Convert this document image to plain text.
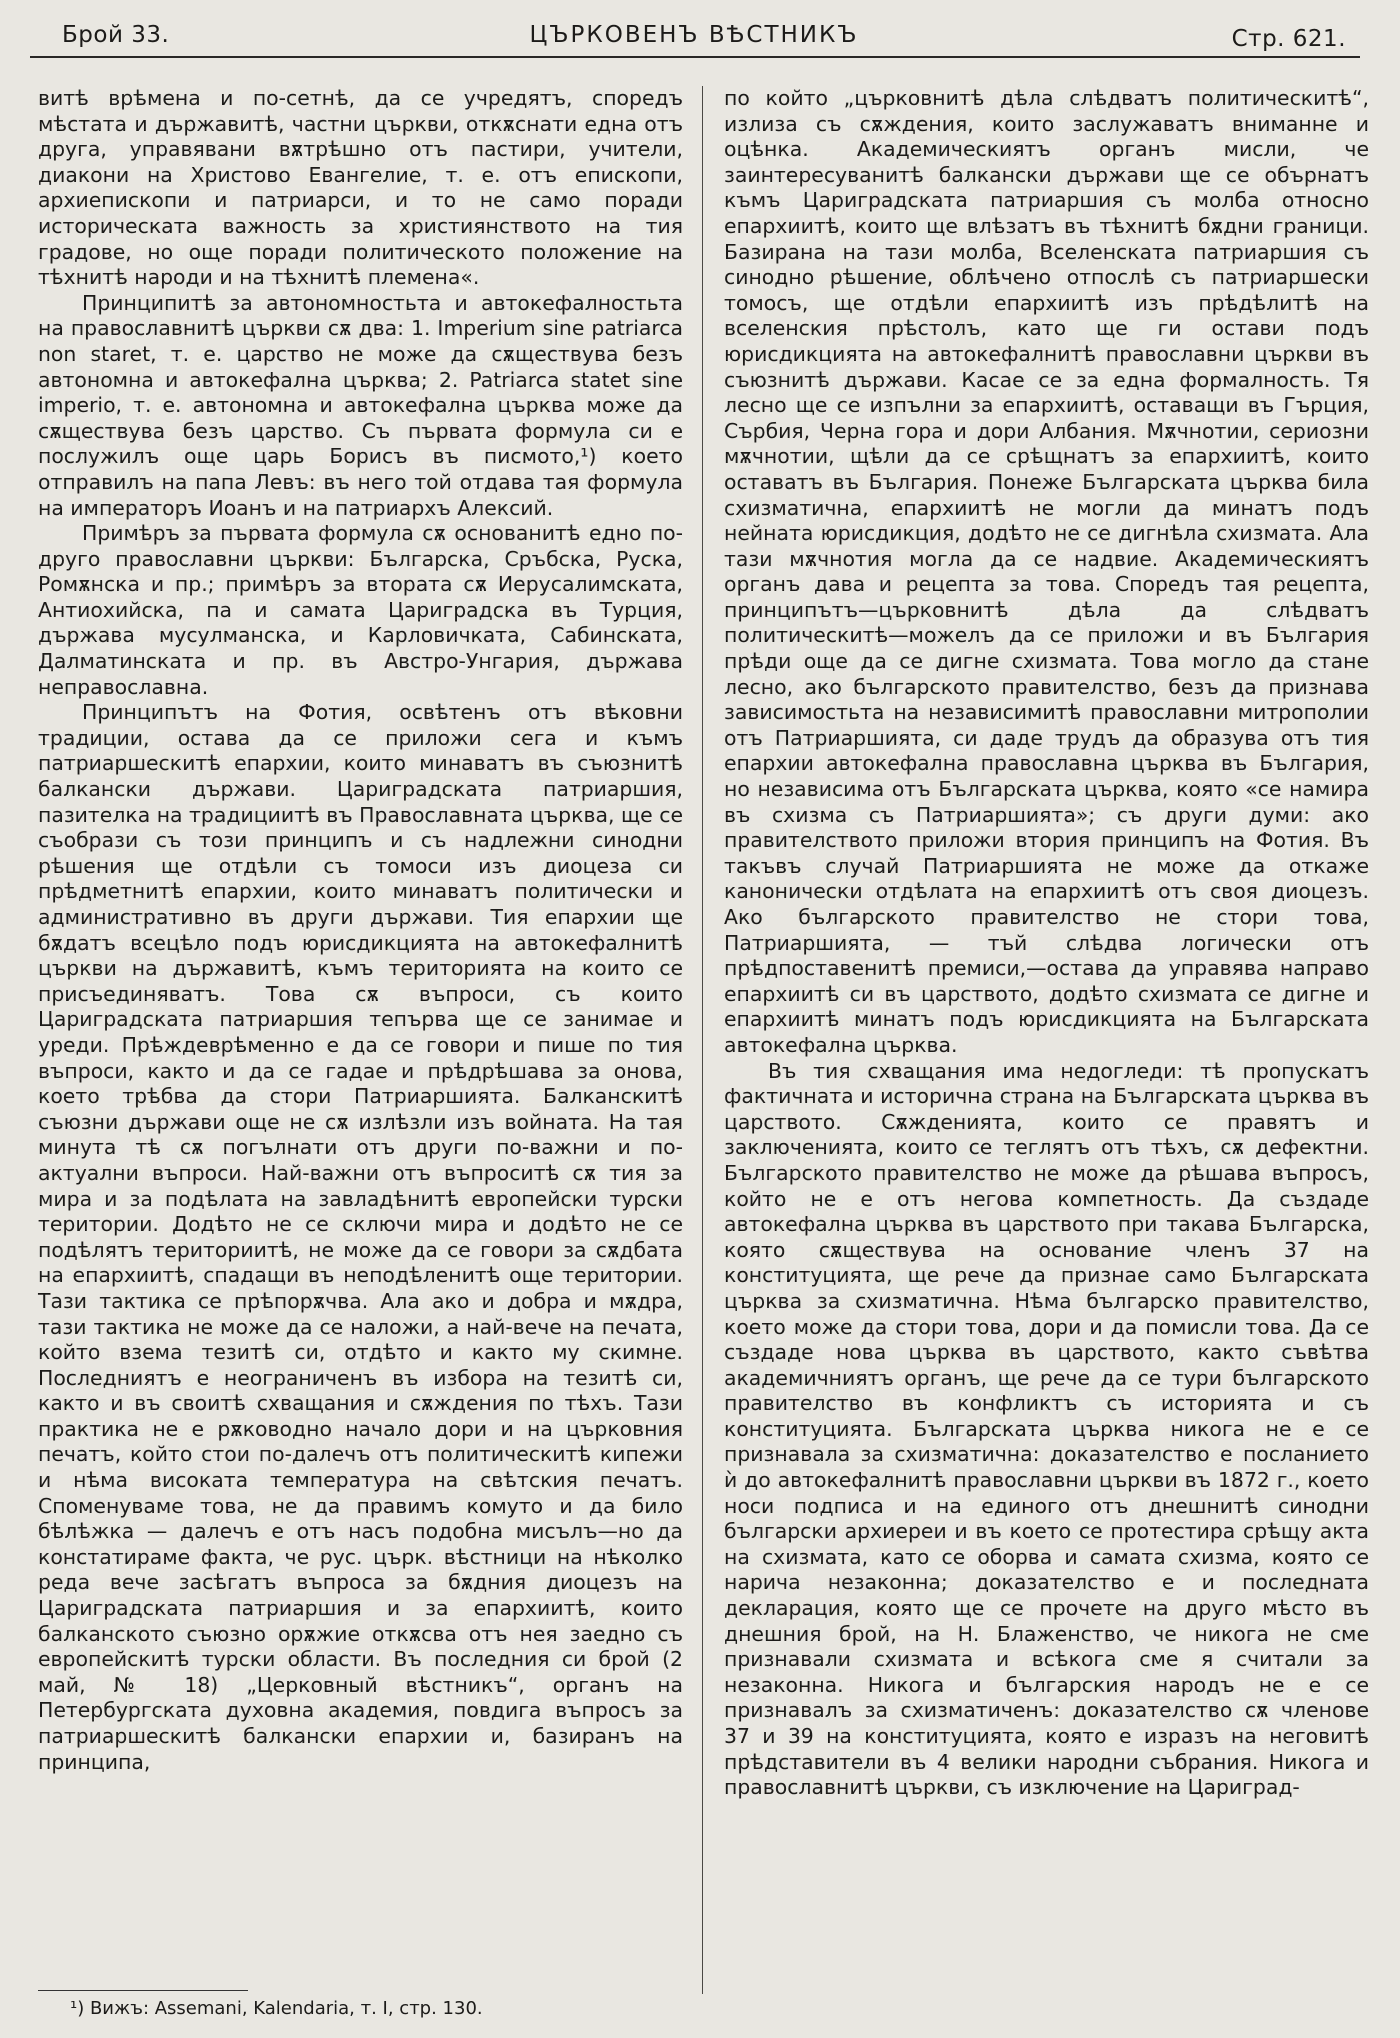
Брой 33.	ЦЪРКОВЕНЪ ВѢСТНИКЪ	Стр. 621.

витѣ врѣмена и по-сетнѣ, да се учредятъ, споредъ мѣстата и държавитѣ, частни църкви, откѫснати една отъ друга, управявани вѫтрѣшно отъ пастири, учители, диакони на Христово Евангелие, т. е. отъ епископи, архиепископи и патриарси, и то не само поради историческата важность за християнството на тия градове, но още поради политическото положение на тѣхнитѣ народи и на тѣхнитѣ племена«.

Принципитѣ за автономностьта и автокефалностьта на православнитѣ църкви сѫ два: 1. Imperium sine patriarca non staret, т. е. царство не може да сѫществува безъ автономна и автокефална църква; 2. Patriarca statet sine imperio, т. е. автономна и автокефална църква може да сѫществува безъ царство. Съ първата формула си е послужилъ още царь Борисъ въ писмото,¹) което отправилъ на папа Левъ: въ него той отдава тая формула на императоръ Иоанъ и на патриархъ Алексий.

Примѣръ за първата формула сѫ основанитѣ едно по-друго православни църкви: Българска, Сръбска, Руска, Ромѫнска и пр.; примѣръ за втората сѫ Иерусалимската, Антиохийска, па и самата Цариградска въ Турция, държава мусулманска, и Карловичката, Сабинската, Далматинската и пр. въ Австро-Унгария, държава неправославна.

Принципътъ на Фотия, освѣтенъ отъ вѣковни традиции, остава да се приложи сега и къмъ патриаршескитѣ епархии, които минаватъ въ съюзнитѣ балкански държави. Цариградската патриаршия, пазителка на традициитѣ въ Православната църква, ще се съобрази съ този принципъ и съ надлежни синодни рѣшения ще отдѣли съ томоси изъ диоцеза си прѣдметнитѣ епархии, които минаватъ политически и административно въ други държави. Тия епархии ще бѫдатъ всецѣло подъ юрисдикцията на автокефалнитѣ църкви на държавитѣ, къмъ територията на които се присъединяватъ. Това сѫ въпроси, съ които Цариградската патриаршия тепърва ще се занимае и уреди. Прѣждеврѣменно е да се говори и пише по тия въпроси, както и да се гадае и прѣдрѣшава за онова, което трѣбва да стори Патриаршията. Балканскитѣ съюзни държави още не сѫ излѣзли изъ войната. На тая минута тѣ сѫ погълнати отъ други по-важни и по-актуални въпроси. Най-важни отъ въпроситѣ сѫ тия за мира и за подѣлата на завладѣнитѣ европейски турски територии. Додѣто не се сключи мира и додѣто не се подѣлятъ териториитѣ, не може да се говори за сѫдбата на епархиитѣ, спадащи въ неподѣленитѣ още територии. Тази тактика се прѣпорѫчва. Ала ако и добра и мѫдра, тази тактика не може да се наложи, а най-вече на печата, който взема тезитѣ си, отдѣто и както му скимне. Последниятъ е неограниченъ въ избора на тезитѣ си, както и въ своитѣ схващания и сѫждения по тѣхъ. Тази практика не е рѫководно начало дори и на църковния печатъ, който стои по-далечъ отъ политическитѣ кипежи и нѣма високата температура на свѣтския печатъ. Споменуваме това, не да правимъ комуто и да било бѣлѣжка — далечъ е отъ насъ подобна мисълъ—но да констатираме факта, че рус. църк. вѣстници на нѣколко реда вече засѣгатъ въпроса за бѫдния диоцезъ на Цариградската патриаршия и за епархиитѣ, които балканското съюзно орѫжие откѫсва отъ нея заедно съ европейскитѣ турски области. Въ последния си брой (2 май, № 18) „Церковный вѣстникъ“, органъ на Петербургската духовна академия, повдига въпросъ за патриаршескитѣ балкански епархии и, базиранъ на принципа,

по който „църковнитѣ дѣла слѣдватъ политическитѣ“, излиза съ сѫждения, които заслужаватъ вниманне и оцѣнка. Академическиятъ органъ мисли, че заинтересуванитѣ балкански държави ще се обърнатъ къмъ Цариградската патриаршия съ молба относно епархиитѣ, които ще влѣзатъ въ тѣхнитѣ бѫдни граници. Базирана на тази молба, Вселенската патриаршия съ синодно рѣшение, облѣчено отпослѣ съ патриаршески томосъ, ще отдѣли епархиитѣ изъ прѣдѣлитѣ на вселенския прѣстолъ, като ще ги остави подъ юрисдикцията на автокефалнитѣ православни църкви въ съюзнитѣ държави. Касае се за една формалность. Тя лесно ще се изпълни за епархиитѣ, оставащи въ Гърция, Сърбия, Черна гора и дори Албания. Мѫчнотии, сериозни мѫчнотии, щѣли да се срѣщнатъ за епархиитѣ, които оставатъ въ България. Понеже Българската църква била схизматична, епархиитѣ не могли да минатъ подъ нейната юрисдикция, додѣто не се дигнѣла схизмата. Ала тази мѫчнотия могла да се надвие. Академическиятъ органъ дава и рецепта за това. Споредъ тая рецепта, принципътъ—църковнитѣ дѣла да слѣдватъ политическитѣ—можелъ да се приложи и въ България прѣди още да се дигне схизмата. Това могло да стане лесно, ако българското правителство, безъ да признава зависимостьта на независимитѣ православни митрополии отъ Патриаршията, си даде трудъ да образува отъ тия епархии автокефална православна църква въ България, но независима отъ Българската църква, която «се намира въ схизма съ Патриаршията»; съ други думи: ако правителството приложи втория принципъ на Фотия. Въ такъвъ случай Патриаршията не може да откаже канонически отдѣлата на епархиитѣ отъ своя диоцезъ. Ако българското правителство не стори това, Патриаршията, — тъй слѣдва логически отъ прѣдпоставенитѣ премиси,—остава да управява направо епархиитѣ си въ царството, додѣто схизмата се дигне и епархиитѣ минатъ подъ юрисдикцията на Българската автокефална църква.

Въ тия схващания има недогледи: тѣ пропускатъ фактичната и исторична страна на Българската църква въ царството. Сѫжденията, които се правятъ и заключенията, които се теглятъ отъ тѣхъ, сѫ дефектни. Българското правителство не може да рѣшава въпросъ, който не е отъ негова компетность. Да създаде автокефална църква въ царството при такава Българска, която сѫществува на основание членъ 37 на конституцията, ще рече да признае само Българската църква за схизматична. Нѣма българско правителство, което може да стори това, дори и да помисли това. Да се създаде нова църква въ царството, както съвѣтва академичниятъ органъ, ще рече да се тури българското правителство въ конфликтъ съ историята и съ конституцията. Българската църква никога не е се признавала за схизматична: доказателство е посланието ѝ до автокефалнитѣ православни църкви въ 1872 г., което носи подписа и на единого отъ днешнитѣ синодни български архиереи и въ което се протестира срѣщу акта на схизмата, като се оборва и самата схизма, която се нарича незаконна; доказателство е и последната декларация, която ще се прочете на друго мѣсто въ днешния брой, на Н. Блаженство, че никога не сме признавали схизмата и всѣкога сме я считали за незаконна. Никога и българския народъ не е се признавалъ за схизматиченъ: доказателство сѫ членове 37 и 39 на конституцията, която е изразъ на неговитѣ прѣдставители въ 4 велики народни събрания. Никога и православнитѣ църкви, съ изключение на Царигpад-

¹) Вижъ: Assemani, Kalendaria, т. I, стр. 130.
